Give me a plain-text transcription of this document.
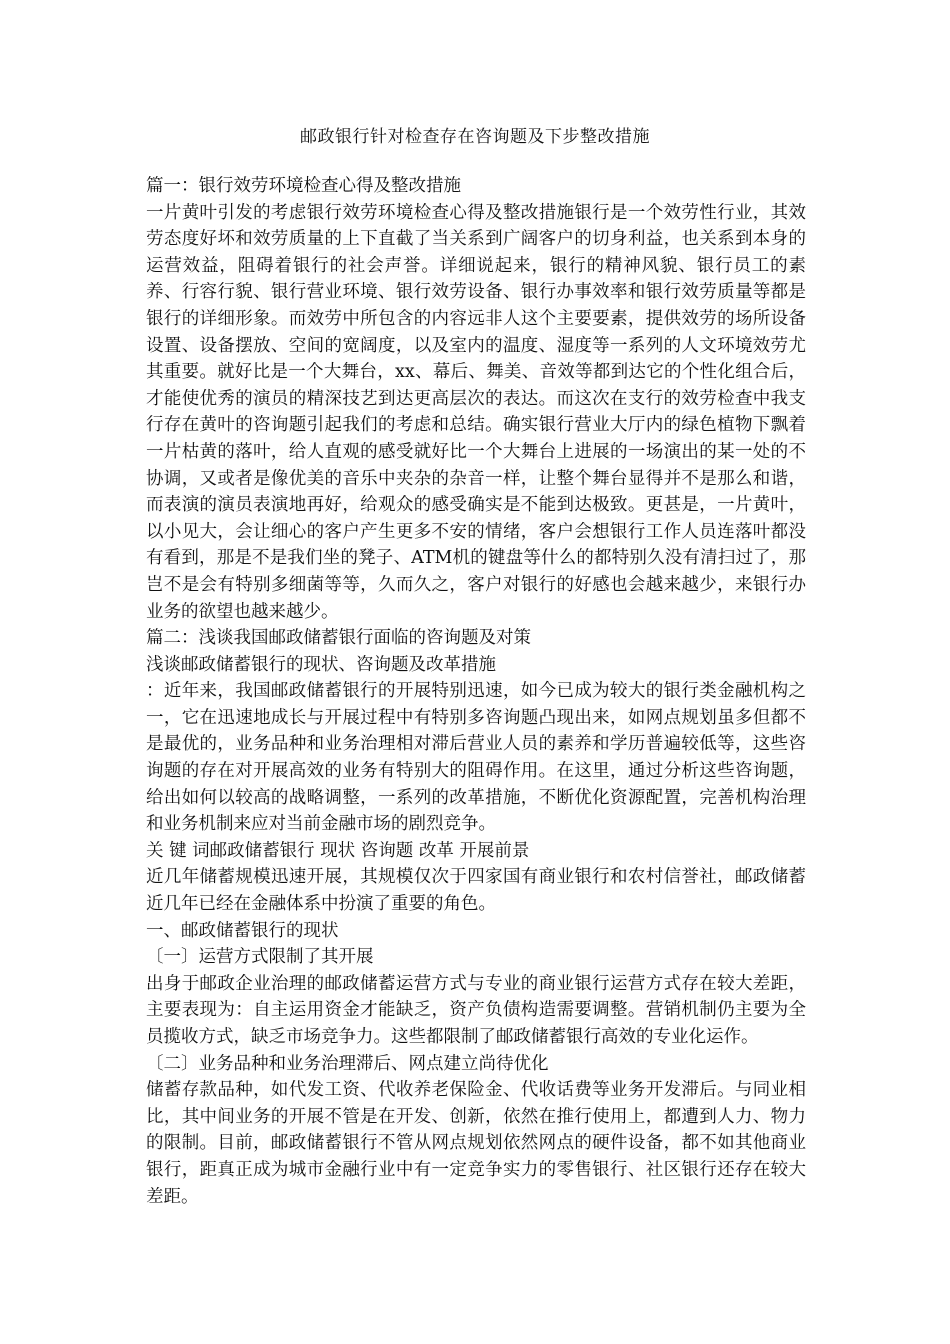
邮政银行针对检查存在咨询题及下步整改措施

篇一：银行效劳环境检查心得及整改措施

一片黄叶引发的考虑银行效劳环境检查心得及整改措施银行是一个效劳性行业，其效劳态度好坏和效劳质量的上下直截了当关系到广阔客户的切身利益，也关系到本身的运营效益，阻碍着银行的社会声誉。详细说起来，银行的精神风貌、银行员工的素养、行容行貌、银行营业环境、银行效劳设备、银行办事效率和银行效劳质量等都是银行的详细形象。而效劳中所包含的内容远非人这个主要要素，提供效劳的场所设备设置、设备摆放、空间的宽阔度，以及室内的温度、湿度等一系列的人文环境效劳尤其重要。就好比是一个大舞台，xx、幕后、舞美、音效等都到达它的个性化组合后，才能使优秀的演员的精深技艺到达更高层次的表达。而这次在支行的效劳检查中我支行存在黄叶的咨询题引起我们的考虑和总结。确实银行营业大厅内的绿色植物下飘着一片枯黄的落叶，给人直观的感受就好比一个大舞台上进展的一场演出的某一处的不协调，又或者是像优美的音乐中夹杂的杂音一样，让整个舞台显得并不是那么和谐，而表演的演员表演地再好，给观众的感受确实是不能到达极致。更甚是，一片黄叶，以小见大，会让细心的客户产生更多不安的情绪，客户会想银行工作人员连落叶都没有看到，那是不是我们坐的凳子、ATM机的键盘等什么的都特别久没有清扫过了，那岂不是会有特别多细菌等等，久而久之，客户对银行的好感也会越来越少，来银行办业务的欲望也越来越少。

篇二：浅谈我国邮政储蓄银行面临的咨询题及对策

浅谈邮政储蓄银行的现状、咨询题及改革措施

：近年来，我国邮政储蓄银行的开展特别迅速，如今已成为较大的银行类金融机构之一，它在迅速地成长与开展过程中有特别多咨询题凸现出来，如网点规划虽多但都不是最优的，业务品种和业务治理相对滞后营业人员的素养和学历普遍较低等，这些咨询题的存在对开展高效的业务有特别大的阻碍作用。在这里，通过分析这些咨询题，给出如何以较高的战略调整，一系列的改革措施，不断优化资源配置，完善机构治理和业务机制来应对当前金融市场的剧烈竞争。

关 键 词邮政储蓄银行 现状 咨询题 改革 开展前景

近几年储蓄规模迅速开展，其规模仅次于四家国有商业银行和农村信誉社，邮政储蓄近几年已经在金融体系中扮演了重要的角色。

一、邮政储蓄银行的现状

〔一〕运营方式限制了其开展

出身于邮政企业治理的邮政储蓄运营方式与专业的商业银行运营方式存在较大差距，主要表现为：自主运用资金才能缺乏，资产负债构造需要调整。营销机制仍主要为全员揽收方式，缺乏市场竞争力。这些都限制了邮政储蓄银行高效的专业化运作。

〔二〕业务品种和业务治理滞后、网点建立尚待优化

储蓄存款品种，如代发工资、代收养老保险金、代收话费等业务开发滞后。与同业相比，其中间业务的开展不管是在开发、创新，依然在推行使用上，都遭到人力、物力的限制。目前，邮政储蓄银行不管从网点规划依然网点的硬件设备，都不如其他商业银行，距真正成为城市金融行业中有一定竞争实力的零售银行、社区银行还存在较大差距。
